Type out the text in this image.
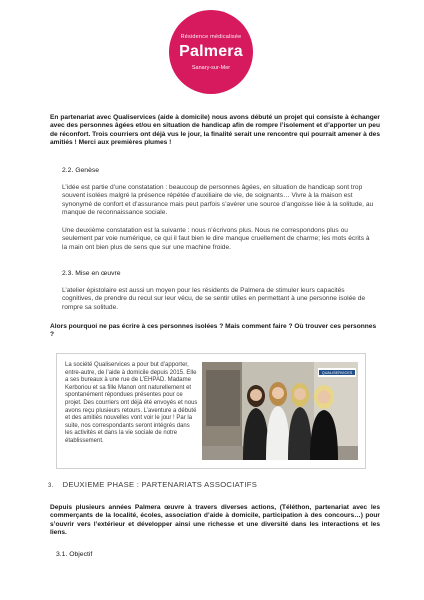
Résidence médicalisée
Palmera
Sanary-sur-Mer

En partenariat avec Qualiservices (aide à domicile) nous avons débuté un projet qui consiste à échanger avec des personnes âgées et/ou en situation de handicap afin de rompre l’isolement et d’apporter un peu de réconfort. Trois courriers ont déjà vus le jour, la finalité serait une rencontre qui pourrait amener à des amitiés ! Merci aux premières plumes !

2.2. Genèse

L’idée est partie d’une constatation : beaucoup de personnes âgées, en situation de handicap sont trop souvent isolées malgré la présence répétée d’auxiliaire de vie, de soignants… Vivre à la maison est synonymé de confort et d’assurance mais peut parfois s’avérer une source d’angoisse liée à la solitude, au manque de reconnaissance sociale.

Une deuxième constatation est la suivante : nous n’écrivons plus. Nous ne correspondons plus ou seulement par voie numérique, ce qui il faut bien le dire manque cruellement de charme; les mots écrits à la main ont bien plus de sens que sur une machine froide.

2.3. Mise en œuvre

L’atelier épistolaire est aussi un moyen pour les résidents de Palmera de stimuler leurs capacités cognitives, de prendre du recul sur leur vécu, de se sentir utiles en permettant à une personne isolée de rompre sa solitude.

Alors pourquoi ne pas écrire à ces personnes isolées ? Mais comment faire ? Où trouver ces personnes ?

La société Qualiservices a pour but d’apporter, entre-autre, de l’aide à domicile depuis 2015. Elle a ses bureaux à une rue de L’EHPAD. Madame Kerboriou et sa fille Manon ont naturellement et spontanément répondues présentes pour ce projet. Des courriers ont déjà été envoyés et nous avons reçu plusieurs retours. L’aventure a débuté et des amitiés nouvelles vont voir le jour ! Par la suite, nos correspondants seront intégrés dans les activités et dans la vie sociale de notre établissement.

QUALISERVICES
3. DEUXIEME PHASE : PARTENARIATS ASSOCIATIFS

Depuis plusieurs années Palmera œuvre à travers diverses actions, (Téléthon, partenariat avec les commerçants de la localité, écoles, association d’aide à domicile, participation à des concours…) pour s’ouvrir vers l’extérieur et développer ainsi une richesse et une diversité dans les interactions et les liens.

3.1. Objectif
